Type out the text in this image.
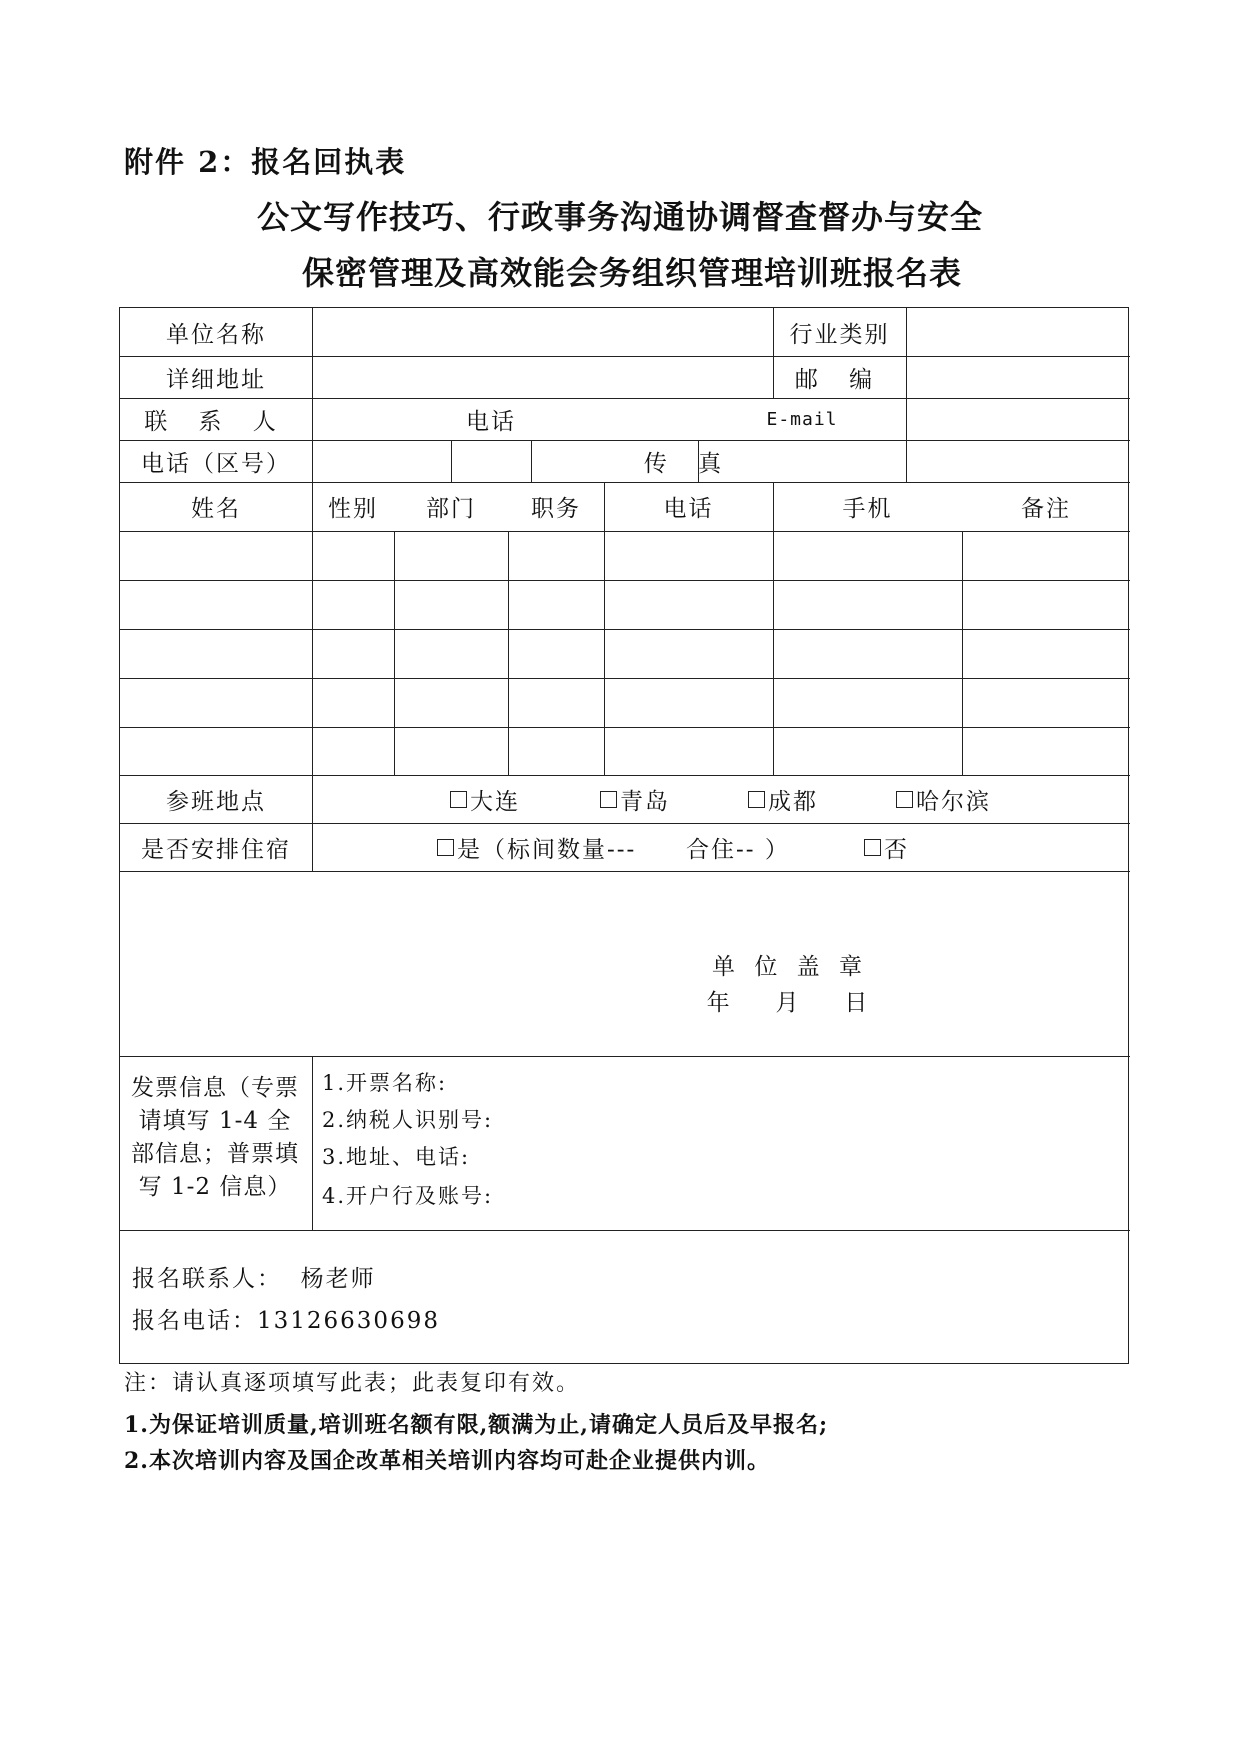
附件 2：报名回执表
公文写作技巧、行政事务沟通协调督查督办与安全
保密管理及高效能会务组织管理培训班报名表
单位名称	行业类别
详细地址	邮 编
联 系 人	电话	E-mail
电话（区号）	传 真
姓名	性别	部门	职务	电话	手机	备注
参班地点	大连	青岛	成都	哈尔滨
是否安排住宿	是（标间数量--- 合住-- ）	否
单 位 盖 章
年   月   日
发票信息（专票请填写 1-4 全部信息；普票填写 1-2 信息）
1.开票名称:
2.纳税人识别号:
3.地址、电话:
4.开户行及账号:
报名联系人：  杨老师
报名电话：13126630698
注：请认真逐项填写此表；此表复印有效。
1.为保证培训质量,培训班名额有限,额满为止,请确定人员后及早报名;
2.本次培训内容及国企改革相关培训内容均可赴企业提供内训。
